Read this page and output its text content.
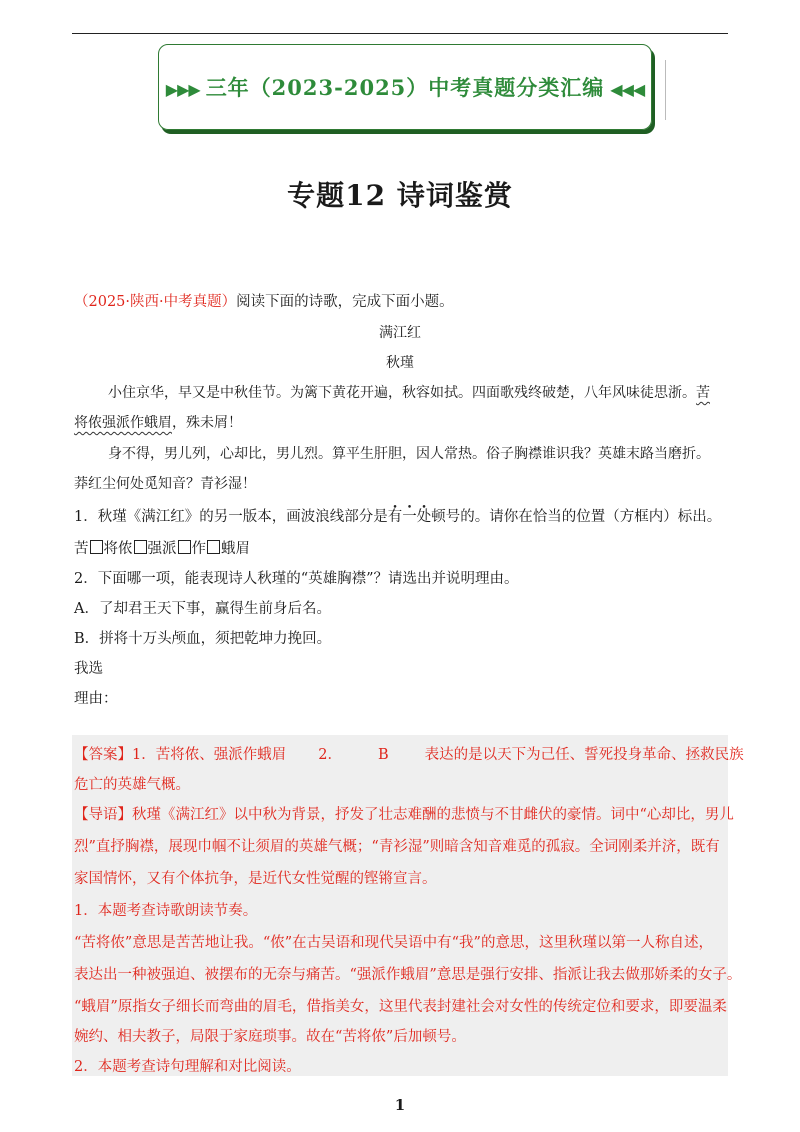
▶▶▶ 三年（2023-2025）中考真题分类汇编 ◀◀◀
专题12 诗词鉴赏
（2025·陕西·中考真题）阅读下面的诗歌，完成下面小题。
满江红
秋瑾
小住京华，早又是中秋佳节。为篱下黄花开遍，秋容如拭。四面歌残终破楚，八年风味徒思浙。苦
将侬强派作蛾眉，殊未屑！
身不得，男儿列，心却比，男儿烈。算平生肝胆，因人常热。俗子胸襟谁识我？英雄末路当磨折。
莽红尘何处觅知音？青衫湿！
1．秋瑾《满江红》的另一版本，画波浪线部分是有一处顿号的。请你在恰当的位置（方框内）标出。
苦 将侬 强派 作 蛾眉
2．下面哪一项，能表现诗人秋瑾的“英雄胸襟”？请选出并说明理由。
A．了却君王天下事，赢得生前身后名。
B．拼将十万头颅血，须把乾坤力挽回。
我选
理由：
【答案】1．苦将侬、强派作蛾眉 2． B 表达的是以天下为己任、誓死投身革命、拯救民族
危亡的英雄气概。
【导语】秋瑾《满江红》以中秋为背景，抒发了壮志难酬的悲愤与不甘雌伏的豪情。词中“心却比，男儿
烈”直抒胸襟，展现巾帼不让须眉的英雄气概；“青衫湿”则暗含知音难觅的孤寂。全词刚柔并济，既有
家国情怀，又有个体抗争，是近代女性觉醒的铿锵宣言。
1．本题考查诗歌朗读节奏。
“苦将侬”意思是苦苦地让我。“侬”在古吴语和现代吴语中有“我”的意思，这里秋瑾以第一人称自述，
表达出一种被强迫、被摆布的无奈与痛苦。“强派作蛾眉”意思是强行安排、指派让我去做那娇柔的女子。
“蛾眉”原指女子细长而弯曲的眉毛，借指美女，这里代表封建社会对女性的传统定位和要求，即要温柔
婉约、相夫教子，局限于家庭琐事。故在“苦将侬”后加顿号。
2．本题考查诗句理解和对比阅读。
1
